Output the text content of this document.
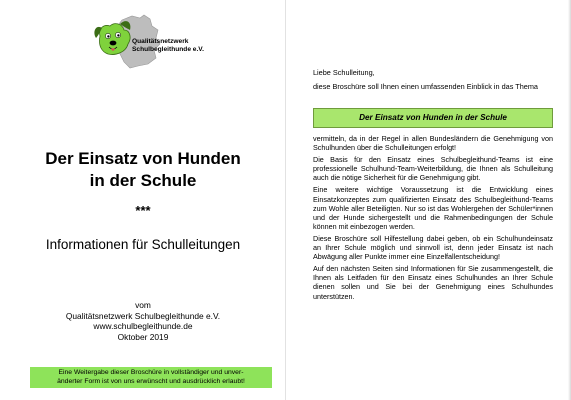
Qualitätsnetzwerk
Schulbegleithunde e.V.
Der Einsatz von Hunden
in der Schule
***
Informationen für Schulleitungen
vom
Qualitätsnetzwerk Schulbegleithunde e.V.
www.schulbegleithunde.de
Oktober 2019
Eine Weitergabe dieser Broschüre in vollständiger und unver-
änderter Form ist von uns erwünscht und ausdrücklich erlaubt!
Liebe Schulleitung,
diese Broschüre soll Ihnen einen umfassenden Einblick in das Thema
Der Einsatz von Hunden in der Schule

vermitteln, da in der Regel in allen Bundesländern die Genehmigung von Schulhunden über die Schulleitungen erfolgt!

Die Basis für den Einsatz eines Schulbegleithund-Teams ist eine professionelle Schulhund-Team-Weiterbildung, die Ihnen als Schulleitung auch die nötige Sicherheit für die Genehmigung gibt.

Eine weitere wichtige Voraussetzung ist die Entwicklung eines Einsatzkonzeptes zum qualifizierten Einsatz des Schulbegleithund-Teams zum Wohle aller Beteiligten. Nur so ist das Wohlergehen der Schüler*innen und der Hunde sichergestellt und die Rahmenbedingungen der Schule können mit einbezogen werden.

Diese Broschüre soll Hilfestellung dabei geben, ob ein Schulhundeinsatz an Ihrer Schule möglich und sinnvoll ist, denn jeder Einsatz ist nach Abwägung aller Punkte immer eine Einzelfallentscheidung!

Auf den nächsten Seiten sind Informationen für Sie zusammengestellt, die Ihnen als Leitfaden für den Einsatz eines Schulhundes an Ihrer Schule dienen sollen und Sie bei der Genehmigung eines Schulhundes unterstützen.
